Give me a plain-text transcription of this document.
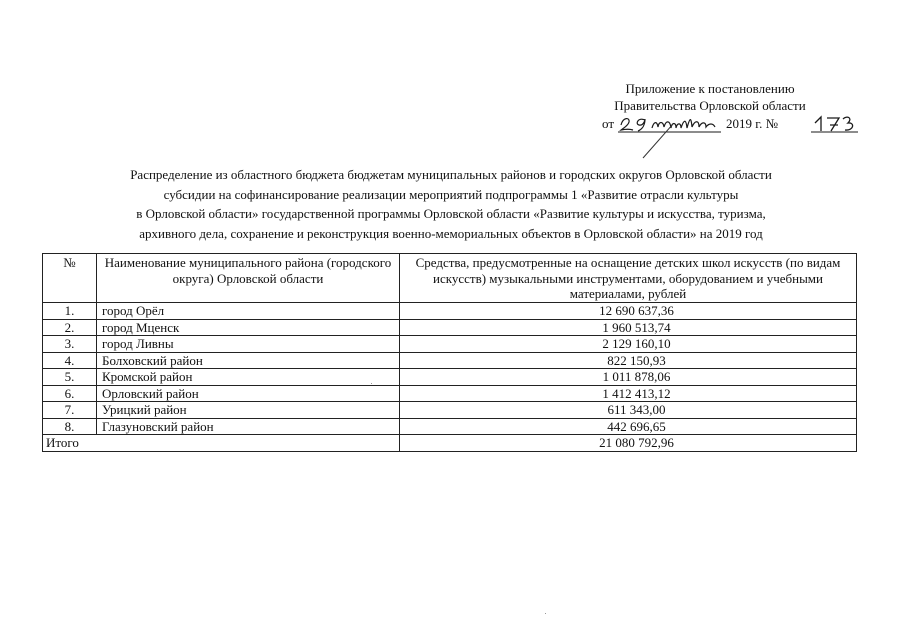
Приложение к постановлению
Правительства Орловской области
от	2019 г. №
Распределение из областного бюджета бюджетам муниципальных районов и городских округов Орловской области
субсидии на софинансирование реализации мероприятий подпрограммы 1 «Развитие отрасли культуры
в Орловской области» государственной программы Орловской области «Развитие культуры и искусства, туризма,
архивного дела, сохранение и реконструкция военно-мемориальных объектов в Орловской области» на 2019 год
№	Наименование муниципального района (городского округа) Орловской области	Средства, предусмотренные на оснащение детских школ искусств (по видам искусств) музыкальными инструментами, оборудованием и учебными материалами, рублей
1.	город Орёл	12 690 637,36
2.	город Мценск	1 960 513,74
3.	город Ливны	2 129 160,10
4.	Болховский район	822 150,93
5.	Кромской район	1 011 878,06
6.	Орловский район	1 412 413,12
7.	Урицкий район	611 343,00
8.	Глазуновский район	442 696,65
Итого		21 080 792,96
